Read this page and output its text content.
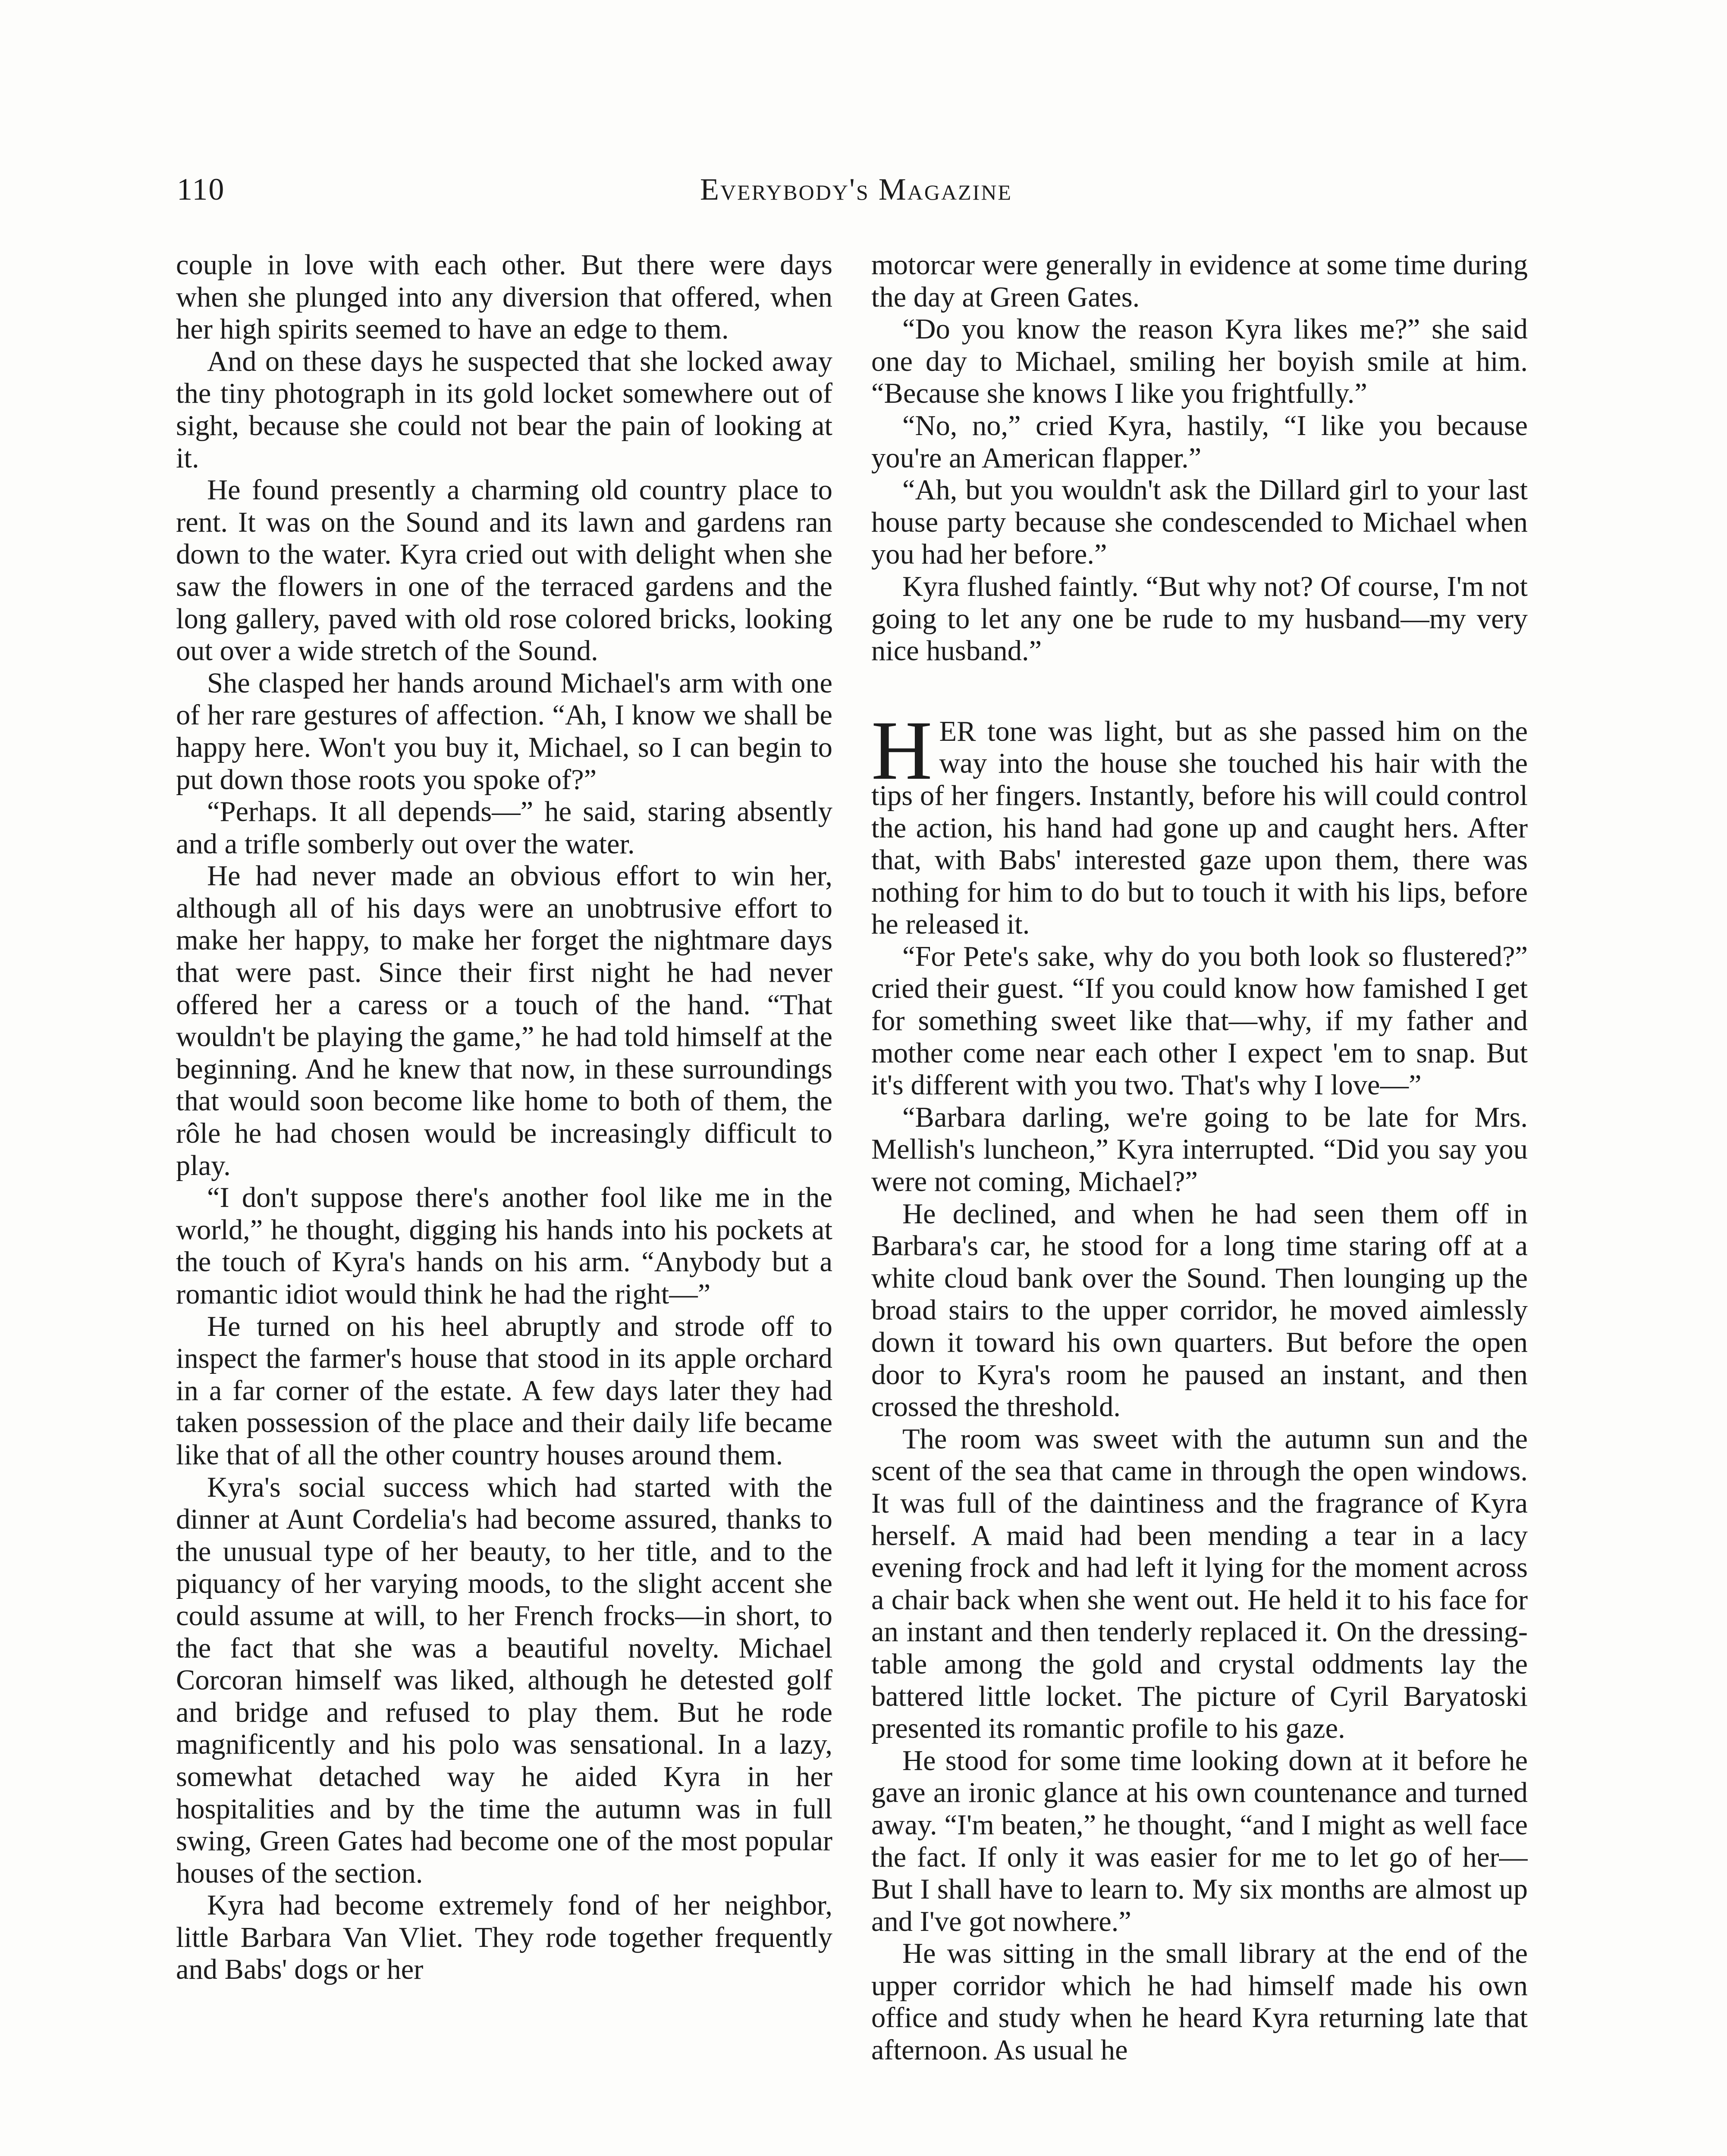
110	Everybody's Magazine

couple in love with each other. But there were days when she plunged into any diversion that offered, when her high spirits seemed to have an edge to them.

And on these days he suspected that she locked away the tiny photograph in its gold locket somewhere out of sight, because she could not bear the pain of looking at it.

He found presently a charming old country place to rent. It was on the Sound and its lawn and gardens ran down to the water. Kyra cried out with delight when she saw the flowers in one of the terraced gardens and the long gallery, paved with old rose colored bricks, looking out over a wide stretch of the Sound.

She clasped her hands around Michael's arm with one of her rare gestures of affection. “Ah, I know we shall be happy here. Won't you buy it, Michael, so I can begin to put down those roots you spoke of?”

“Perhaps. It all depends—” he said, staring absently and a trifle somberly out over the water.

He had never made an obvious effort to win her, although all of his days were an unobtrusive effort to make her happy, to make her forget the nightmare days that were past. Since their first night he had never offered her a caress or a touch of the hand. “That wouldn't be playing the game,” he had told himself at the beginning. And he knew that now, in these surroundings that would soon become like home to both of them, the rôle he had chosen would be increasingly difficult to play.

“I don't suppose there's another fool like me in the world,” he thought, digging his hands into his pockets at the touch of Kyra's hands on his arm. “Anybody but a romantic idiot would think he had the right—”

He turned on his heel abruptly and strode off to inspect the farmer's house that stood in its apple orchard in a far corner of the estate. A few days later they had taken possession of the place and their daily life became like that of all the other country houses around them.

Kyra's social success which had started with the dinner at Aunt Cordelia's had become assured, thanks to the unusual type of her beauty, to her title, and to the piquancy of her varying moods, to the slight accent she could assume at will, to her French frocks—in short, to the fact that she was a beautiful novelty. Michael Corcoran himself was liked, although he detested golf and bridge and refused to play them. But he rode magnificently and his polo was sensational. In a lazy, somewhat detached way he aided Kyra in her hospitalities and by the time the autumn was in full swing, Green Gates had become one of the most popular houses of the section.

Kyra had become extremely fond of her neighbor, little Barbara Van Vliet. They rode together frequently and Babs' dogs or her

motorcar were generally in evidence at some time during the day at Green Gates.

“Do you know the reason Kyra likes me?” she said one day to Michael, smiling her boyish smile at him. “Because she knows I like you frightfully.”

“No, no,” cried Kyra, hastily, “I like you because you're an American flapper.”

“Ah, but you wouldn't ask the Dillard girl to your last house party because she condescended to Michael when you had her before.”

Kyra flushed faintly. “But why not? Of course, I'm not going to let any one be rude to my husband—my very nice husband.”

HER tone was light, but as she passed him on the way into the house she touched his hair with the tips of her fingers. Instantly, before his will could control the action, his hand had gone up and caught hers. After that, with Babs' interested gaze upon them, there was nothing for him to do but to touch it with his lips, before he released it.

“For Pete's sake, why do you both look so flustered?” cried their guest. “If you could know how famished I get for something sweet like that—why, if my father and mother come near each other I expect 'em to snap. But it's different with you two. That's why I love—”

“Barbara darling, we're going to be late for Mrs. Mellish's luncheon,” Kyra interrupted. “Did you say you were not coming, Michael?”

He declined, and when he had seen them off in Barbara's car, he stood for a long time staring off at a white cloud bank over the Sound. Then lounging up the broad stairs to the upper corridor, he moved aimlessly down it toward his own quarters. But before the open door to Kyra's room he paused an instant, and then crossed the threshold.

The room was sweet with the autumn sun and the scent of the sea that came in through the open windows. It was full of the daintiness and the fragrance of Kyra herself. A maid had been mending a tear in a lacy evening frock and had left it lying for the moment across a chair back when she went out. He held it to his face for an instant and then tenderly replaced it. On the dressing-table among the gold and crystal oddments lay the battered little locket. The picture of Cyril Baryatoski presented its romantic profile to his gaze.

He stood for some time looking down at it before he gave an ironic glance at his own countenance and turned away. “I'm beaten,” he thought, “and I might as well face the fact. If only it was easier for me to let go of her— But I shall have to learn to. My six months are almost up and I've got nowhere.”

He was sitting in the small library at the end of the upper corridor which he had himself made his own office and study when he heard Kyra returning late that afternoon. As usual he
